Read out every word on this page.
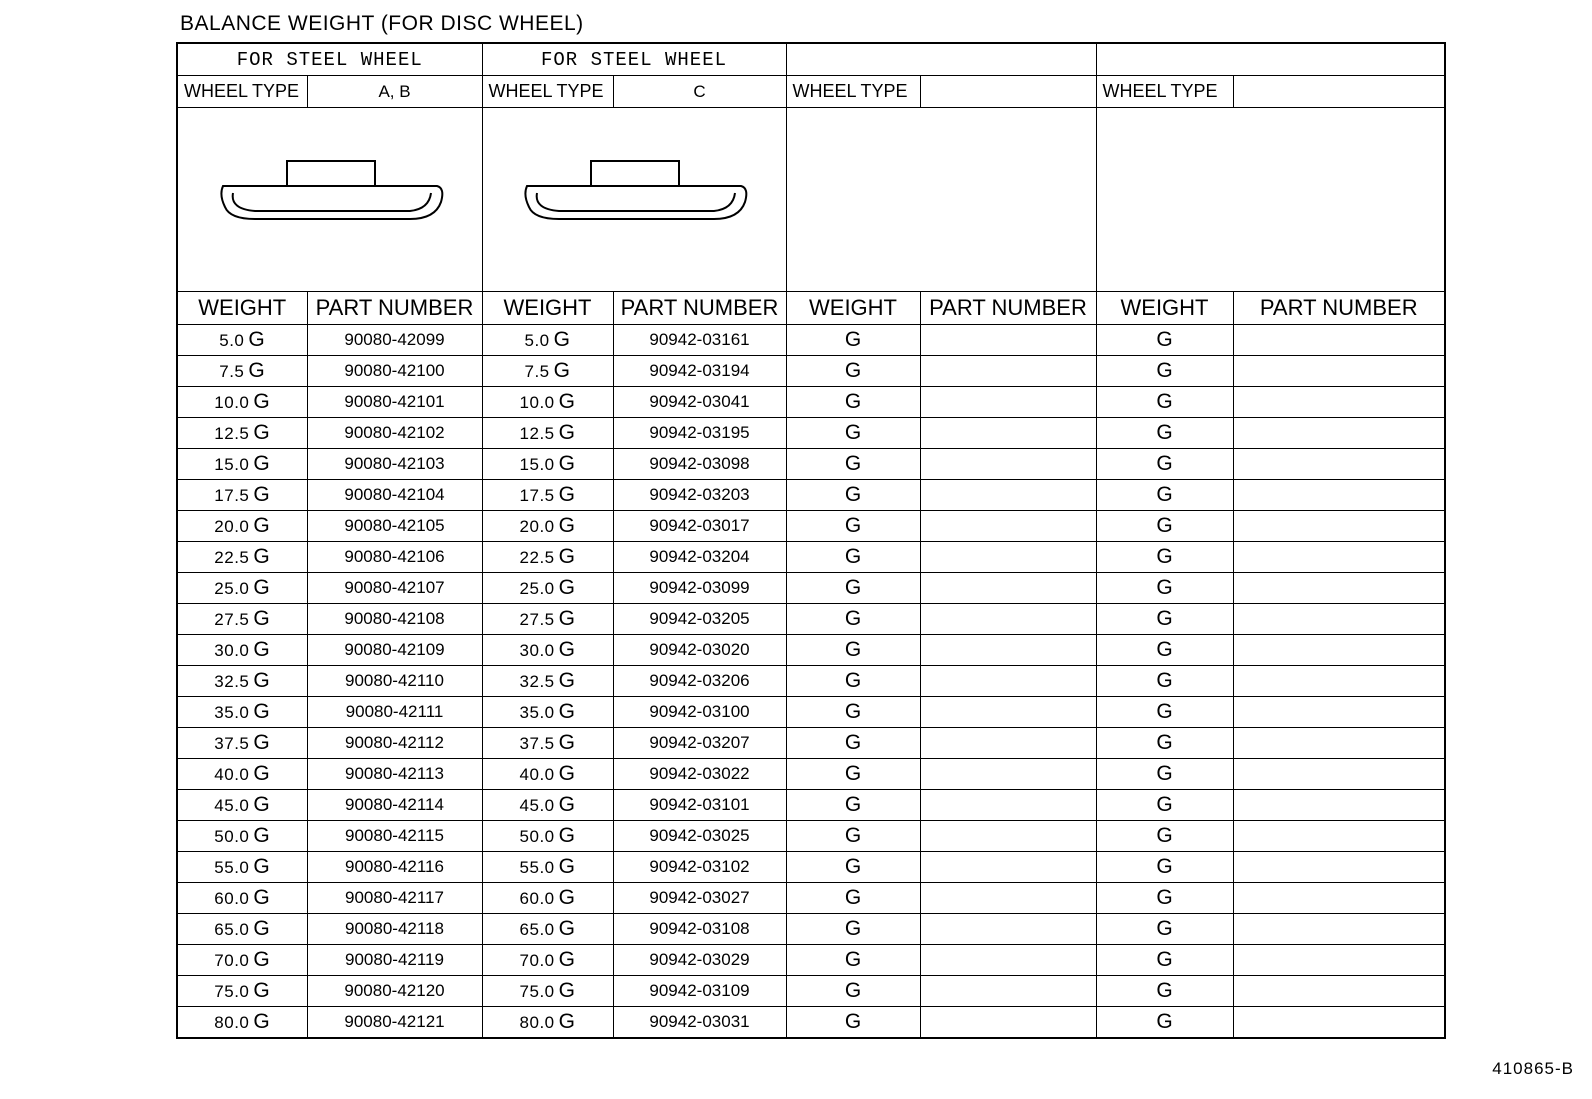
BALANCE WEIGHT (FOR DISC WHEEL)
FOR STEEL WHEEL		FOR STEEL WHEEL					
WHEEL TYPE	A, B	WHEEL TYPE	C	WHEEL TYPE		WHEEL TYPE	

WEIGHT	PART NUMBER	WEIGHT	PART NUMBER	WEIGHT	PART NUMBER	WEIGHT	PART NUMBER
5.0 G	90080-42099	5.0 G	90942-03161	G		G	
7.5 G	90080-42100	7.5 G	90942-03194	G		G	
10.0 G	90080-42101	10.0 G	90942-03041	G		G	
12.5 G	90080-42102	12.5 G	90942-03195	G		G	
15.0 G	90080-42103	15.0 G	90942-03098	G		G	
17.5 G	90080-42104	17.5 G	90942-03203	G		G	
20.0 G	90080-42105	20.0 G	90942-03017	G		G	
22.5 G	90080-42106	22.5 G	90942-03204	G		G	
25.0 G	90080-42107	25.0 G	90942-03099	G		G	
27.5 G	90080-42108	27.5 G	90942-03205	G		G	
30.0 G	90080-42109	30.0 G	90942-03020	G		G	
32.5 G	90080-42110	32.5 G	90942-03206	G		G	
35.0 G	90080-42111	35.0 G	90942-03100	G		G	
37.5 G	90080-42112	37.5 G	90942-03207	G		G	
40.0 G	90080-42113	40.0 G	90942-03022	G		G	
45.0 G	90080-42114	45.0 G	90942-03101	G		G	
50.0 G	90080-42115	50.0 G	90942-03025	G		G	
55.0 G	90080-42116	55.0 G	90942-03102	G		G	
60.0 G	90080-42117	60.0 G	90942-03027	G		G	
65.0 G	90080-42118	65.0 G	90942-03108	G		G	
70.0 G	90080-42119	70.0 G	90942-03029	G		G	
75.0 G	90080-42120	75.0 G	90942-03109	G		G	
80.0 G	90080-42121	80.0 G	90942-03031	G		G	
410865-B
